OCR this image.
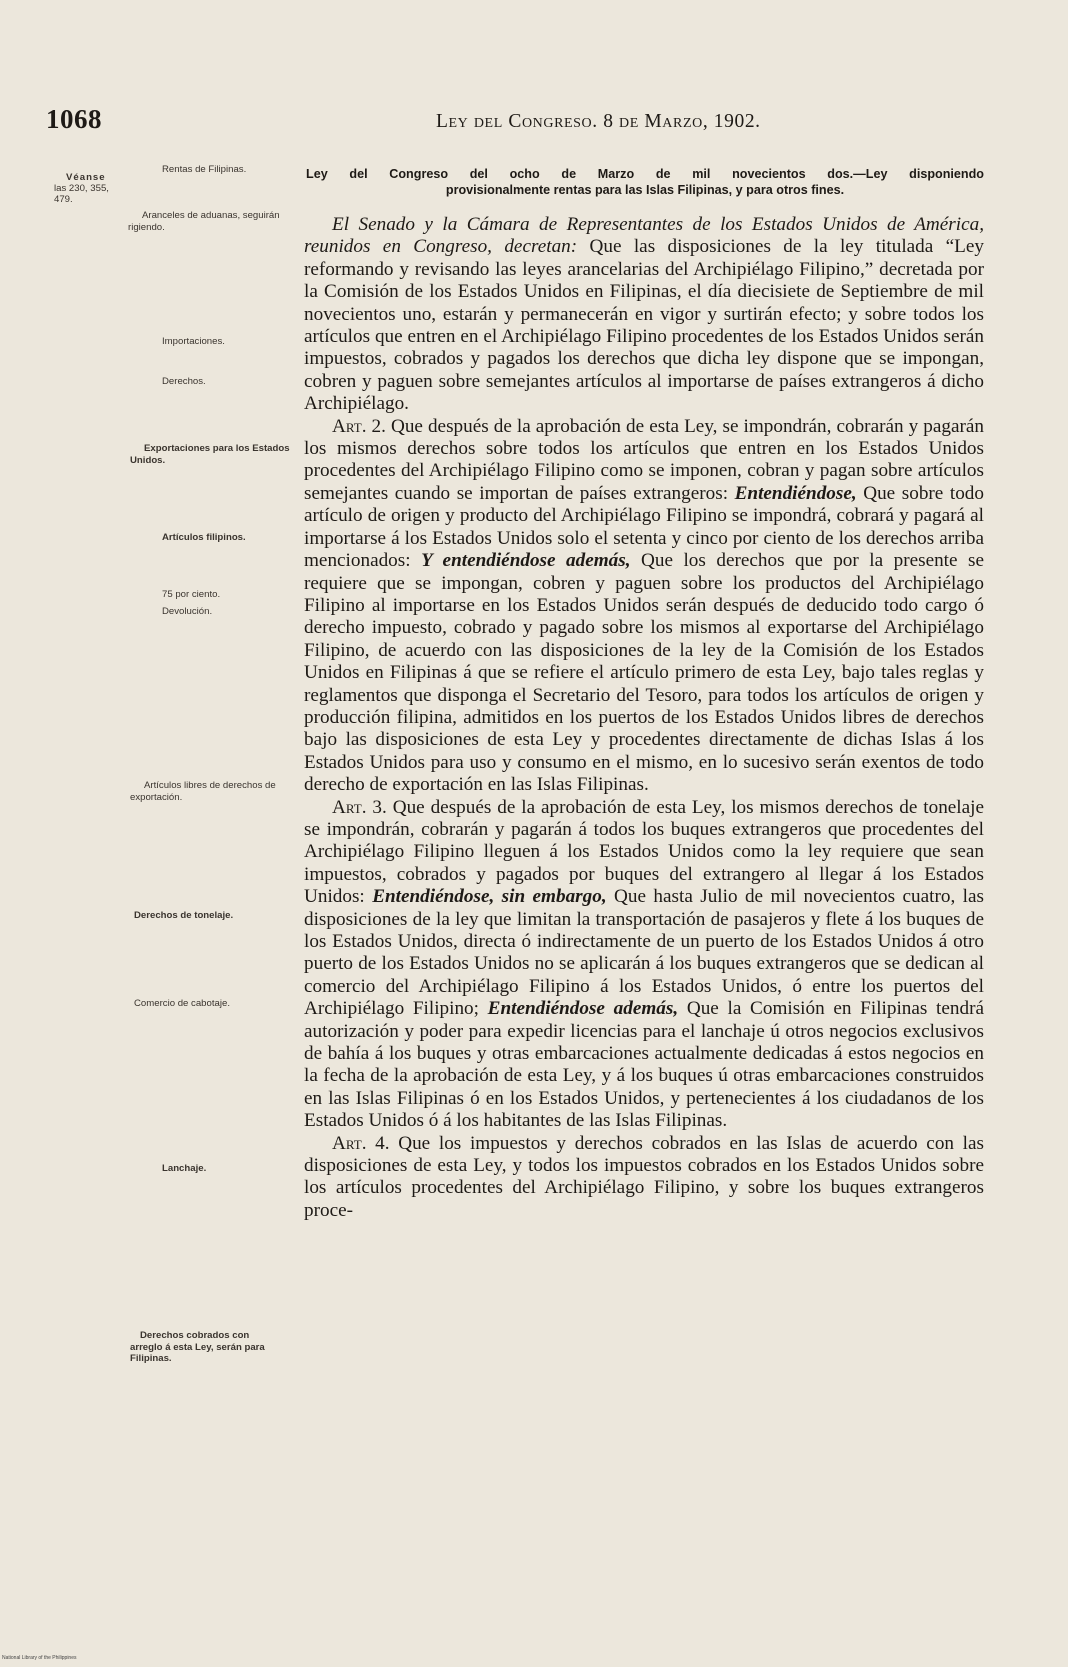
1068	Ley del Congreso. 8 de Marzo, 1902.
Véanse
las 230, 355,
479.
Rentas de Filipinas.
Aranceles de aduanas, seguirán rigiendo.
Importaciones.
Derechos.
Exportaciones para los Estados Unidos.
Artículos filipinos.
75 por ciento.
Devolución.
Artículos libres de derechos de exportación.
Derechos de tonelaje.
Comercio de cabotaje.
Lanchaje.
Derechos cobrados con arreglo á esta Ley, serán para Filipinas.
Ley del Congreso del ocho de Marzo de mil novecientos dos.—Ley disponiendo
provisionalmente rentas para las Islas Filipinas, y para otros fines.

El Senado y la Cámara de Representantes de los Estados Unidos de América, reunidos en Congreso, decretan: Que las disposiciones de la ley titulada “Ley reformando y revisando las leyes arancelarias del Archipiélago Filipino,” decretada por la Comisión de los Estados Unidos en Filipinas, el día diecisiete de Septiembre de mil novecientos uno, estarán y permanecerán en vigor y surtirán efecto; y sobre todos los artículos que entren en el Archipiélago Filipino procedentes de los Estados Unidos serán impuestos, cobrados y pagados los derechos que dicha ley dispone que se impongan, cobren y paguen sobre semejantes artículos al importarse de países extrangeros á dicho Archipiélago.

Art. 2. Que después de la aprobación de esta Ley, se impondrán, cobrarán y pagarán los mismos derechos sobre todos los artículos que entren en los Estados Unidos procedentes del Archipiélago Filipino como se imponen, cobran y pagan sobre artículos semejantes cuando se importan de países extrangeros: Entendiéndose, Que sobre todo artículo de origen y producto del Archipiélago Filipino se impondrá, cobrará y pagará al importarse á los Estados Unidos solo el setenta y cinco por ciento de los derechos arriba mencionados: Y entendiéndose además, Que los derechos que por la presente se requiere que se impongan, cobren y paguen sobre los productos del Archipiélago Filipino al importarse en los Estados Unidos serán después de deducido todo cargo ó derecho impuesto, cobrado y pagado sobre los mismos al exportarse del Archipiélago Filipino, de acuerdo con las disposiciones de la ley de la Comisión de los Estados Unidos en Filipinas á que se refiere el artículo primero de esta Ley, bajo tales reglas y reglamentos que disponga el Secretario del Tesoro, para todos los artículos de origen y producción filipina, admitidos en los puertos de los Estados Unidos libres de derechos bajo las disposiciones de esta Ley y procedentes directamente de dichas Islas á los Estados Unidos para uso y consumo en el mismo, en lo sucesivo serán exentos de todo derecho de exportación en las Islas Filipinas.

Art. 3. Que después de la aprobación de esta Ley, los mismos derechos de tonelaje se impondrán, cobrarán y pagarán á todos los buques extrangeros que procedentes del Archipiélago Filipino lleguen á los Estados Unidos como la ley requiere que sean impuestos, cobrados y pagados por buques del extrangero al llegar á los Estados Unidos: Entendiéndose, sin embargo, Que hasta Julio de mil novecientos cuatro, las disposiciones de la ley que limitan la transportación de pasajeros y flete á los buques de los Estados Unidos, directa ó indirectamente de un puerto de los Estados Unidos á otro puerto de los Estados Unidos no se aplicarán á los buques extrangeros que se dedican al comercio del Archipiélago Filipino á los Estados Unidos, ó entre los puertos del Archipiélago Filipino; Entendiéndose además, Que la Comisión en Filipinas tendrá autorización y poder para expedir licencias para el lanchaje ú otros negocios exclusivos de bahía á los buques y otras embarcaciones actualmente dedicadas á estos negocios en la fecha de la aprobación de esta Ley, y á los buques ú otras embarcaciones construidos en las Islas Filipinas ó en los Estados Unidos, y pertenecientes á los ciudadanos de los Estados Unidos ó á los habitantes de las Islas Filipinas.

Art. 4. Que los impuestos y derechos cobrados en las Islas de acuerdo con las disposiciones de esta Ley, y todos los impuestos cobrados en los Estados Unidos sobre los artículos procedentes del Archipiélago Filipino, y sobre los buques extrangeros proce-

National Library of the Philippines
